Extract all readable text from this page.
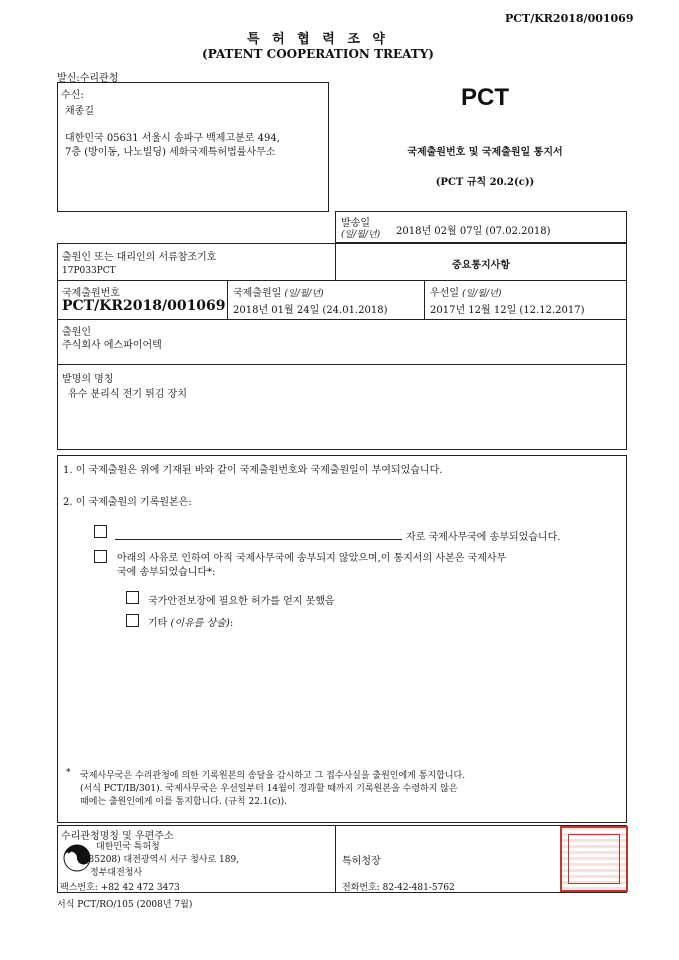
PCT/KR2018/001069
특 허 협 력 조 약
(PATENT COOPERATION TREATY)
발신:수리관청
수신:
채종길
대한민국 05631 서울시 송파구 백제고분로 494,
7층 (방이동, 나노빌딩) 세화국제특허법률사무소
PCT
국제출원번호 및 국제출원일 통지서
(PCT 규칙 20.2(c))
발송일
(일/월/년) 2018년 02월 07일 (07.02.2018)
출원인 또는 대리인의 서류참조기호
17P033PCT	중요통지사항
국제출원번호
PCT/KR2018/001069
국제출원일 (일/월/년)
2018년 01월 24일 (24.01.2018)
우선일 (일/월/년)
2017년 12월 12일 (12.12.2017)
출원인
주식회사 에스파이어텍
발명의 명칭
유수 분리식 전기 튀김 장치
1. 이 국제출원은 위에 기재된 바와 같이 국제출원번호와 국제출원일이 부여되었습니다.
2. 이 국제출원의 기록원본은:
자로 국제사무국에 송부되었습니다.
아래의 사유로 인하여 아직 국제사무국에 송부되지 않았으며,이 통지서의 사본은 국제사무
국에 송부되었습니다*:
국가안전보장에 필요한 허가를 얻지 못했음
기타 (이유를 상술):
* 국제사무국은 수리관청에 의한 기록원본의 송달을 감시하고 그 접수사실을 출원인에게 통지합니다.
(서식 PCT/IB/301). 국제사무국은 우선일부터 14월이 경과할 때까지 기록원본을 수령하지 않은
때에는 출원인에게 이를 통지합니다. (규칙 22.1(c)).
수리관청명칭 및 우편주소
대한민국 특허청
(35208) 대전광역시 서구 청사로 189,
정부대전청사
팩스번호: +82 42 472 3473
특허청장
전화번호: 82-42-481-5762
서식 PCT/RO/105 (2008년 7월)
